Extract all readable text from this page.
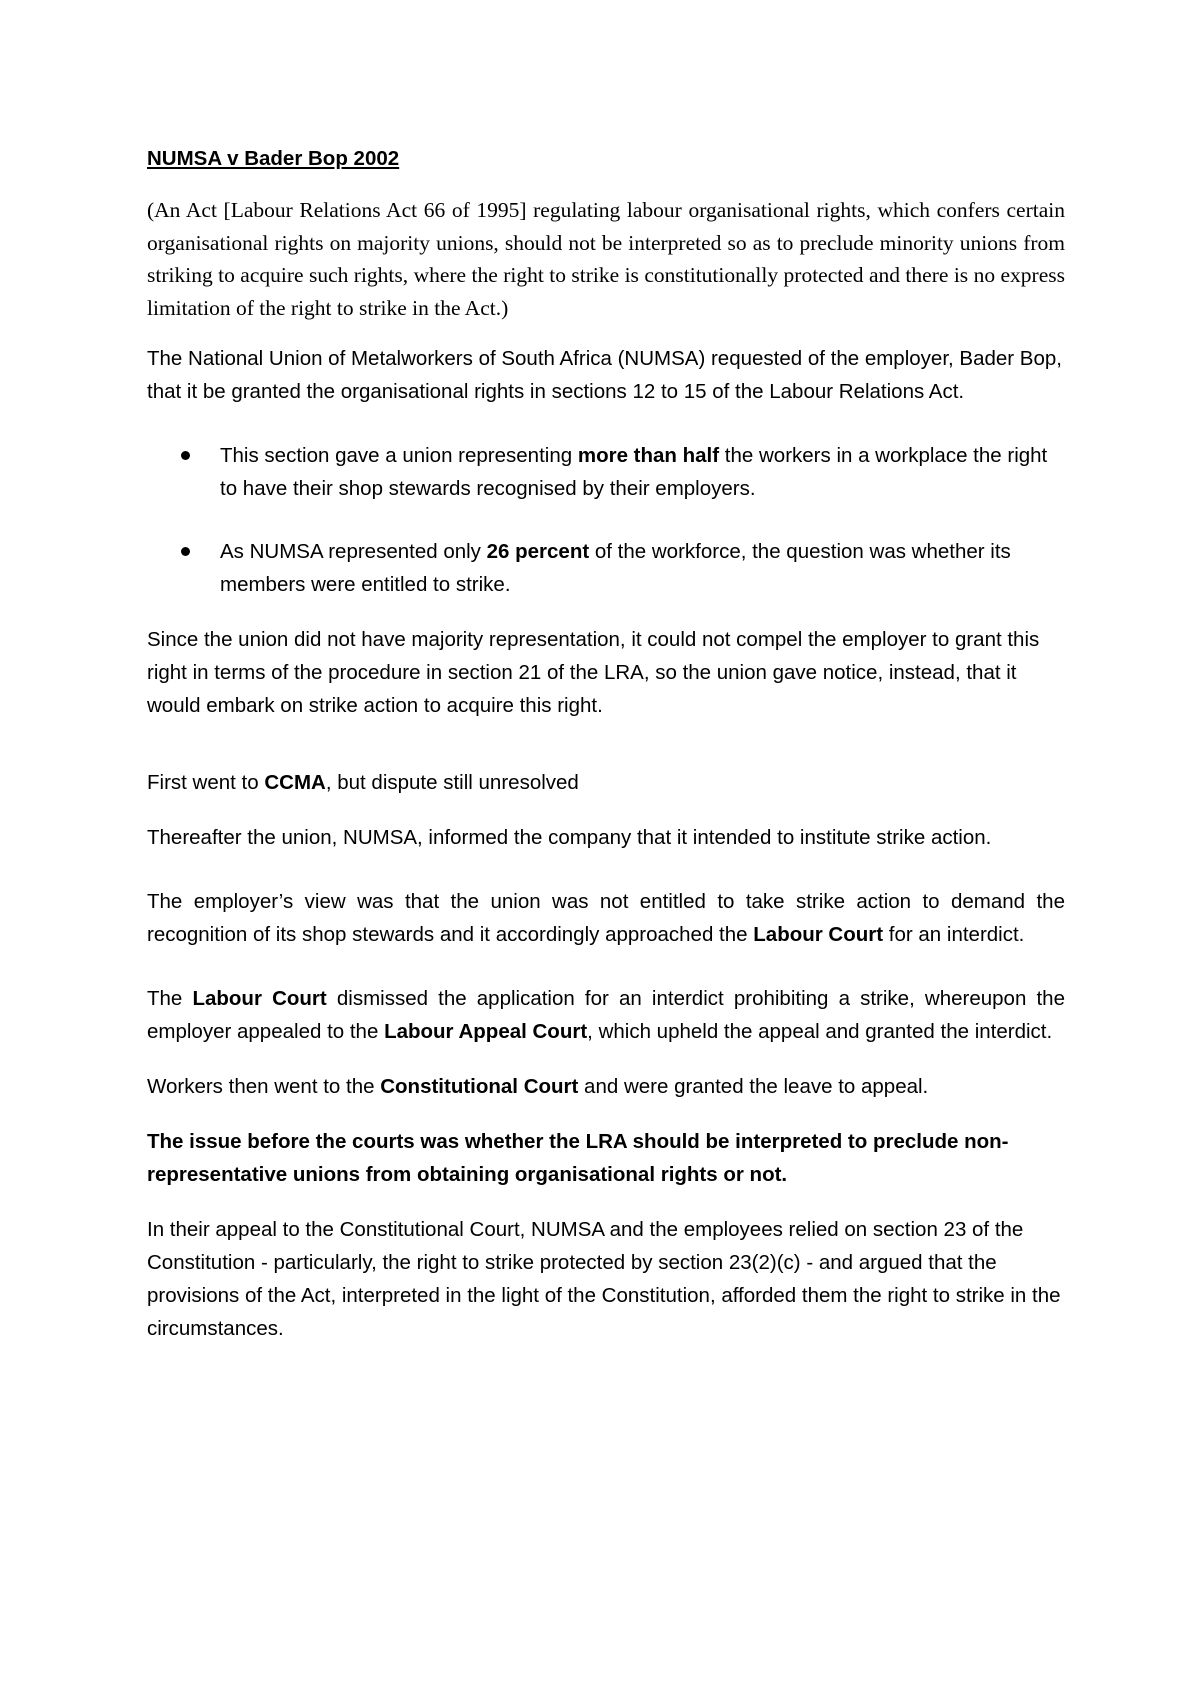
NUMSA v Bader Bop 2002

(An Act [Labour Relations Act 66 of 1995] regulating labour organisational rights, which confers certain organisational rights on majority unions, should not be interpreted so as to preclude minority unions from striking to acquire such rights, where the right to strike is constitutionally protected and there is no express limitation of the right to strike in the Act.)

The National Union of Metalworkers of South Africa (NUMSA) requested of the employer, Bader Bop, that it be granted the organisational rights in sections 12 to 15 of the Labour Relations Act.

This section gave a union representing more than half the workers in a workplace the right to have their shop stewards recognised by their employers.
As NUMSA represented only 26 percent of the workforce, the question was whether its members were entitled to strike.

Since the union did not have majority representation, it could not compel the employer to grant this right in terms of the procedure in section 21 of the LRA, so the union gave notice, instead, that it would embark on strike action to acquire this right.

First went to CCMA, but dispute still unresolved

Thereafter the union, NUMSA, informed the company that it intended to institute strike action.

The employer’s view was that the union was not entitled to take strike action to demand the recognition of its shop stewards and it accordingly approached the Labour Court for an interdict.

The Labour Court dismissed the application for an interdict prohibiting a strike, whereupon the employer appealed to the Labour Appeal Court, which upheld the appeal and granted the interdict.

Workers then went to the Constitutional Court and were granted the leave to appeal.

The issue before the courts was whether the LRA should be interpreted to preclude non-representative unions from obtaining organisational rights or not.

In their appeal to the Constitutional Court, NUMSA and the employees relied on section 23 of the Constitution - particularly, the right to strike protected by section 23(2)(c) - and argued that the provisions of the Act, interpreted in the light of the Constitution, afforded them the right to strike in the circumstances.
